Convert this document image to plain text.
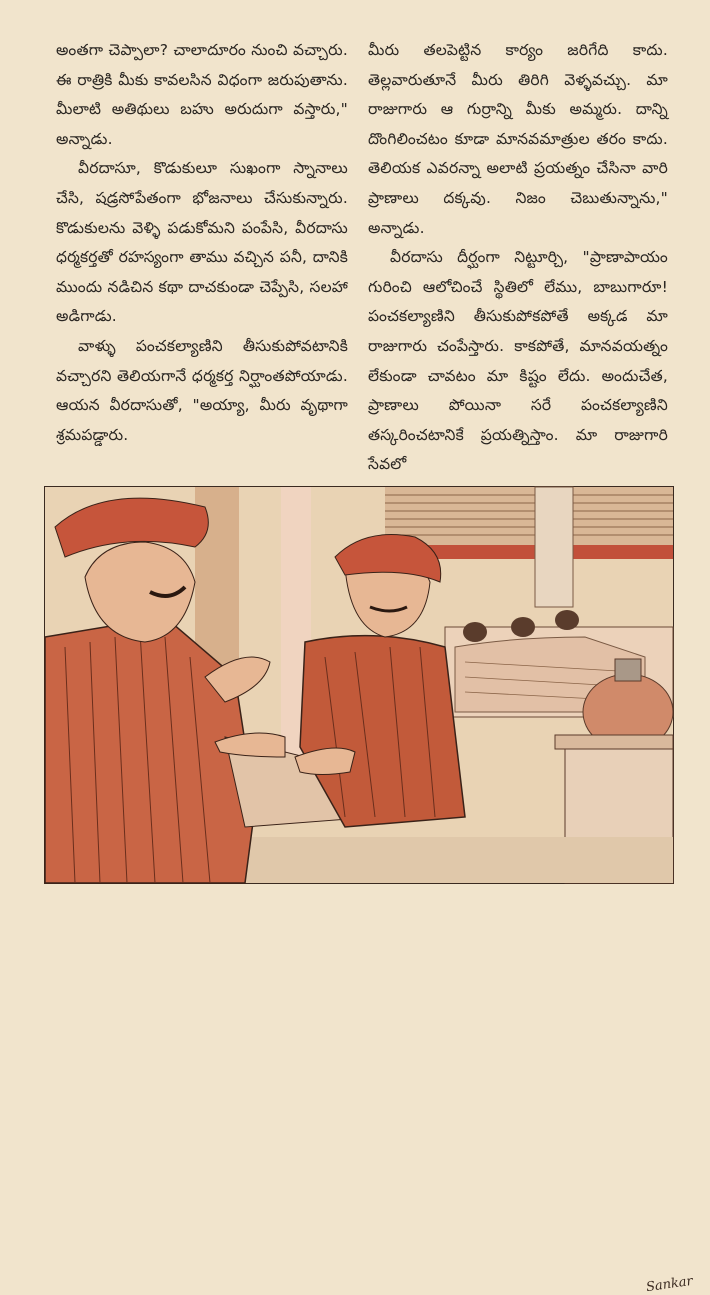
అంతగా చెప్పాలా? చాలాదూరం నుంచి వచ్చారు. ఈ రాత్రికి మీకు కావలసిన విధంగా జరుపుతాను. మీలాటి అతిథులు బహు అరుదుగా వస్తారు," అన్నాడు.

వీరదాసూ, కొడుకులూ సుఖంగా స్నానాలు చేసి, షడ్రసోపేతంగా భోజనాలు చేసుకున్నారు. కొడుకులను వెళ్ళి పడుకోమని పంపేసి, వీరదాసు ధర్మకర్తతో రహస్యంగా తాము వచ్చిన పనీ, దానికి ముందు నడిచిన కథా దాచకుండా చెప్పేసి, సలహా అడిగాడు.

వాళ్ళు పంచకల్యాణిని తీసుకుపోవటానికి వచ్చారని తెలియగానే ధర్మకర్త నిర్ఘాంతపోయాడు. ఆయన వీరదాసుతో, "అయ్యా, మీరు వృథాగా శ్రమపడ్డారు.

మీరు తలపెట్టిన కార్యం జరిగేది కాదు. తెల్లవారుతూనే మీరు తిరిగి వెళ్ళవచ్చు. మా రాజుగారు ఆ గుర్రాన్ని మీకు అమ్మరు. దాన్ని దొంగిలించటం కూడా మానవమాత్రుల తరం కాదు. తెలియక ఎవరన్నా అలాటి ప్రయత్నం చేసినా వారి ప్రాణాలు దక్కవు. నిజం చెబుతున్నాను," అన్నాడు.

వీరదాసు దీర్ఘంగా నిట్టూర్చి, "ప్రాణాపాయం గురించి ఆలోచించే స్థితిలో లేము, బాబుగారూ! పంచకల్యాణిని తీసుకుపోకపోతే అక్కడ మా రాజుగారు చంపేస్తారు. కాకపోతే, మానవయత్నం లేకుండా చావటం మా కిష్టం లేదు. అందుచేత, ప్రాణాలు పోయినా సరే పంచకల్యాణిని తస్కరించటానికే ప్రయత్నిస్తాం. మా రాజుగారి సేవలో

Sankar
